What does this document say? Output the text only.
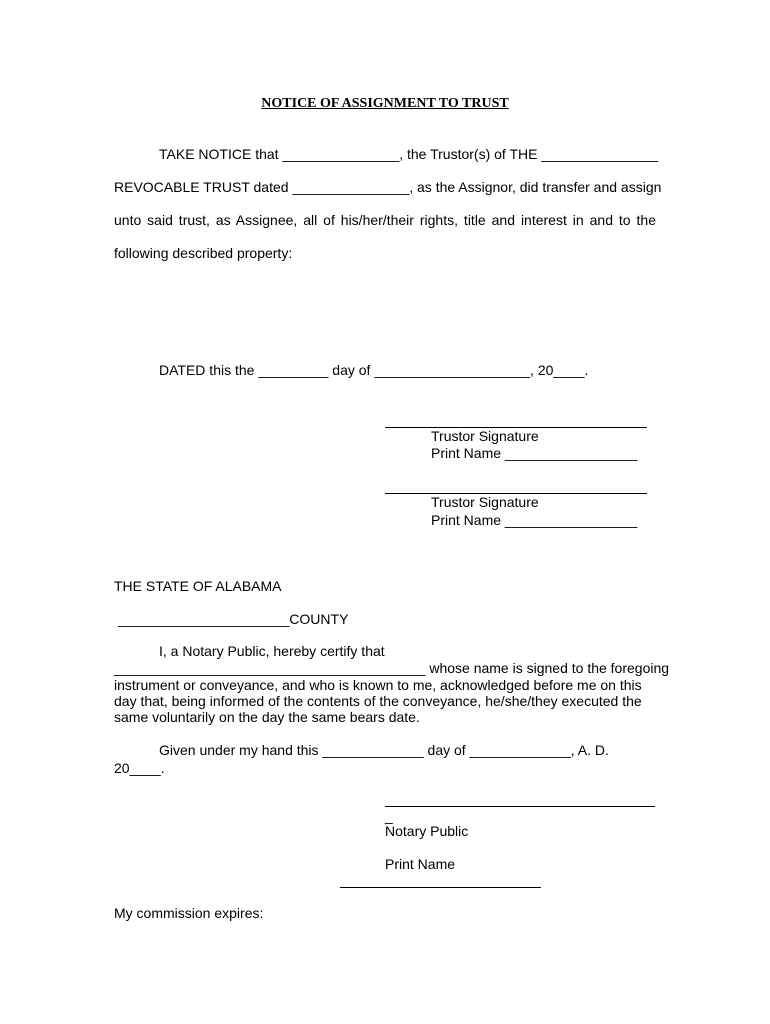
NOTICE OF ASSIGNMENT TO TRUST
TAKE NOTICE that _______________, the Trustor(s) of THE _______________
REVOCABLE TRUST dated _______________, as the Assignor, did transfer and assign
unto said trust, as Assignee, all of his/her/their rights, title and interest in and to the
following described property:
DATED this the _________ day of ____________________, 20____.
Trustor Signature
Print Name _________________
Trustor Signature
Print Name _________________
THE STATE OF ALABAMA
______________________COUNTY
I, a Notary Public, hereby certify that
________________________________________ whose name is signed to the foregoing
instrument or conveyance, and who is known to me, acknowledged before me on this
day that, being informed of the contents of the conveyance, he/she/they executed the
same voluntarily on the day the same bears date.
Given under my hand this _____________ day of _____________, A. D.
20____.
_
Notary Public
Print Name
My commission expires:
